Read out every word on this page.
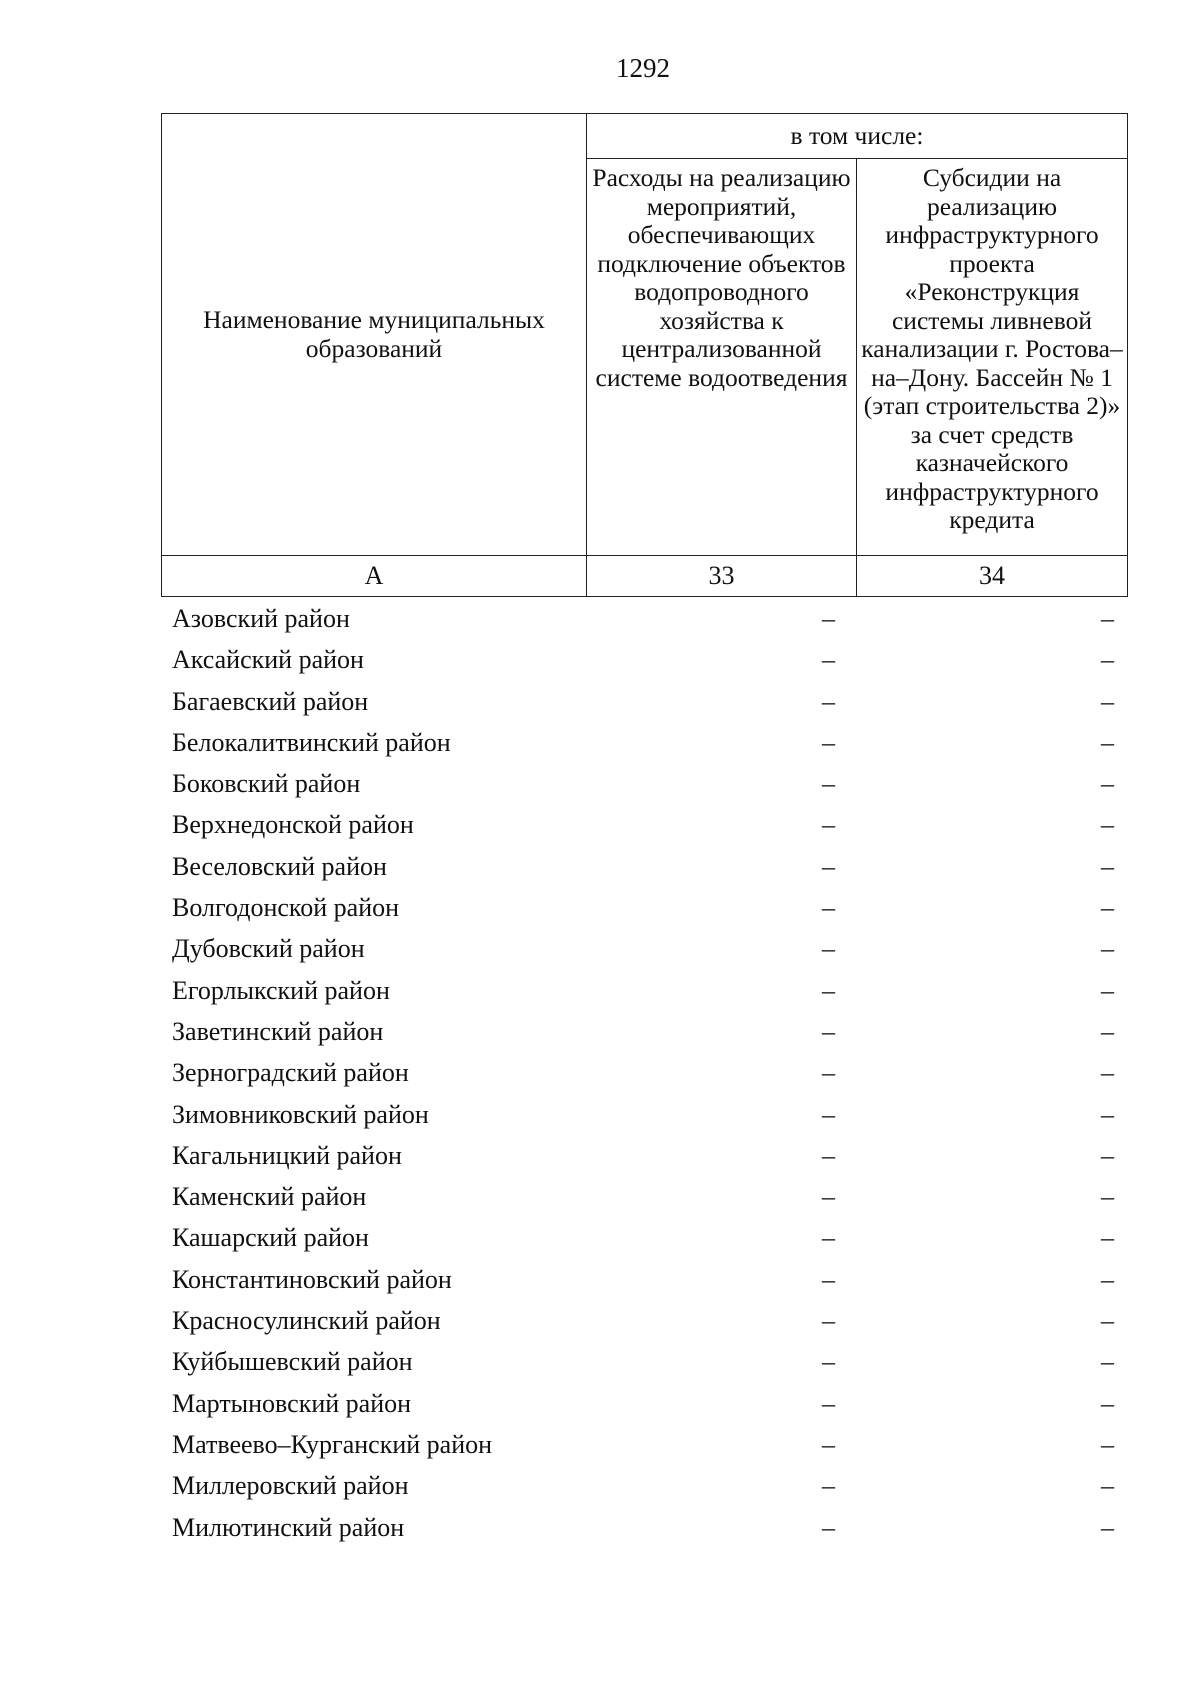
1292
Наименование муниципальных образований	в том числе:	
	Расходы на реализацию мероприятий, обеспечивающих подключение объектов водопроводного хозяйства к централизованной системе водоотведения	Субсидии на реализацию инфраструктурного проекта «Реконструкция системы ливневой канализации г. Ростова–на–Дону. Бассейн № 1 (этап строительства 2)» за счет средств казначейского инфраструктурного кредита
А	33	34
Азовский район	–	–
Аксайский район	–	–
Багаевский район	–	–
Белокалитвинский район	–	–
Боковский район	–	–
Верхнедонской район	–	–
Веселовский район	–	–
Волгодонской район	–	–
Дубовский район	–	–
Егорлыкский район	–	–
Заветинский район	–	–
Зерноградский район	–	–
Зимовниковский район	–	–
Кагальницкий район	–	–
Каменский район	–	–
Кашарский район	–	–
Константиновский район	–	–
Красносулинский район	–	–
Куйбышевский район	–	–
Мартыновский район	–	–
Матвеево–Курганский район	–	–
Миллеровский район	–	–
Милютинский район	–	–
